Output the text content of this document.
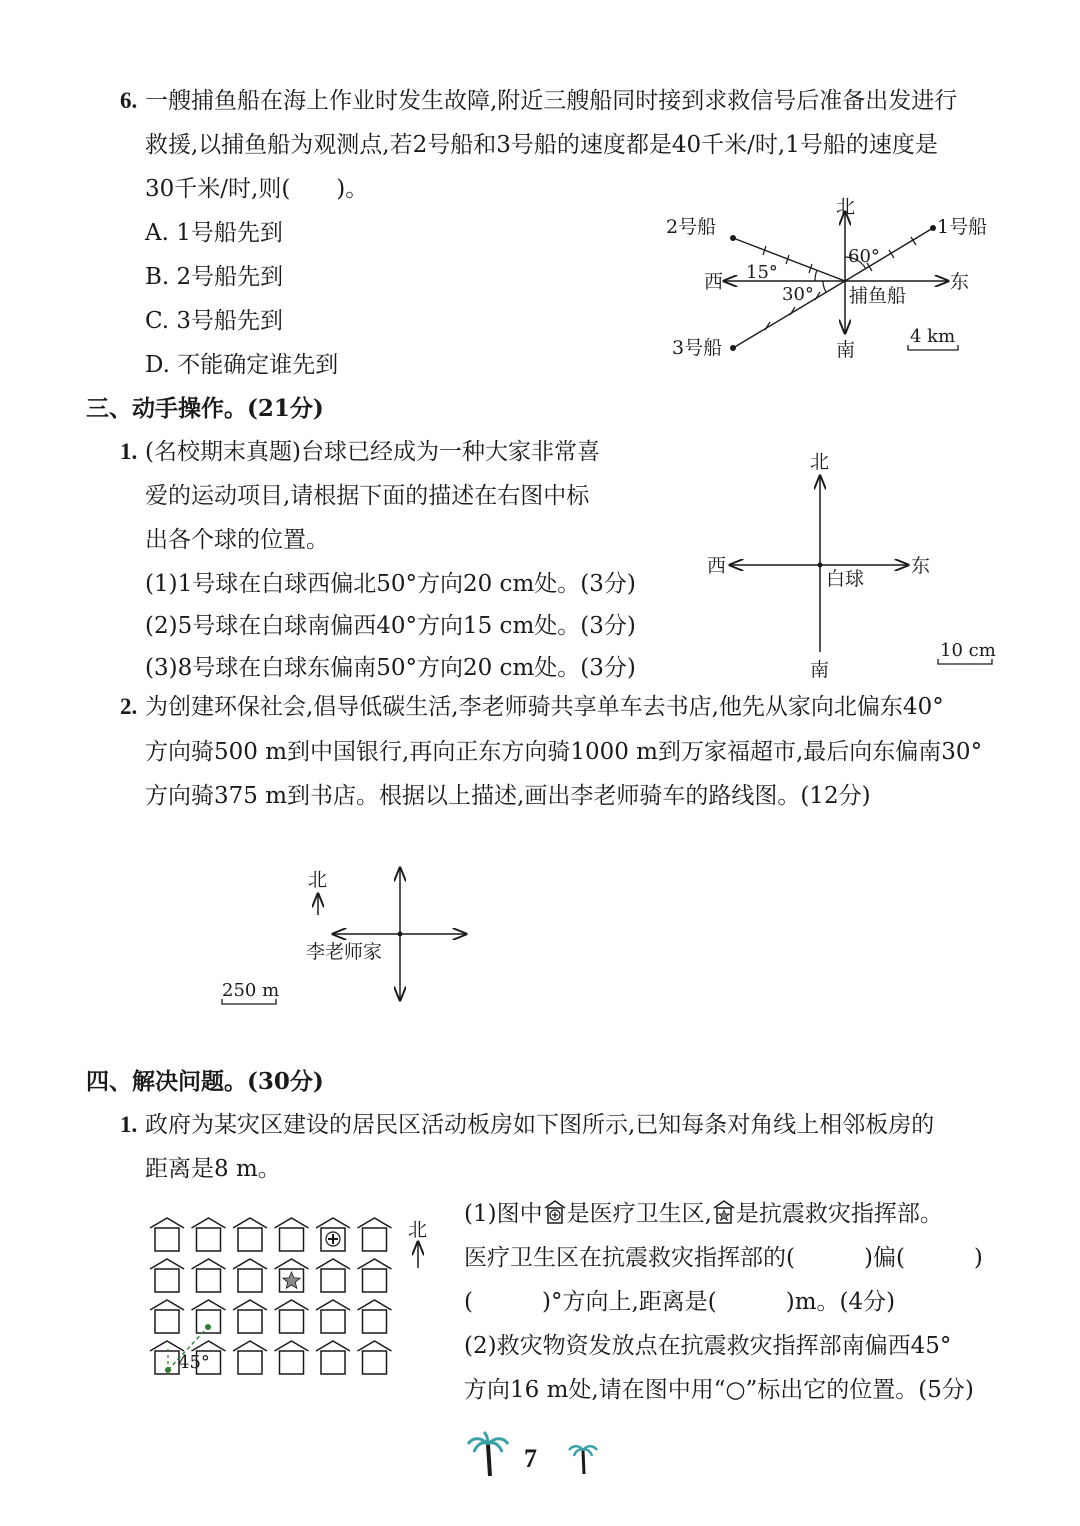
6. 一艘捕鱼船在海上作业时发生故障,附近三艘船同时接到求救信号后准备出发进行
救援,以捕鱼船为观测点,若2号船和3号船的速度都是40千米/时,1号船的速度是
30千米/时,则(　　)。
A. 1号船先到
B. 2号船先到
C. 3号船先到
D. 不能确定谁先到
北
南
东
西
捕鱼船
1号船
2号船
3号船
60°
15°
30°
4 km
三、动手操作。(21分)
1. (名校期末真题)台球已经成为一种大家非常喜
爱的运动项目,请根据下面的描述在右图中标
出各个球的位置。
(1)1号球在白球西偏北50°方向20 cm处。(3分)
(2)5号球在白球南偏西40°方向15 cm处。(3分)
(3)8号球在白球东偏南50°方向20 cm处。(3分)
北
南
东
西
白球
10 cm
2. 为创建环保社会,倡导低碳生活,李老师骑共享单车去书店,他先从家向北偏东40°
方向骑500 m到中国银行,再向正东方向骑1000 m到万家福超市,最后向东偏南30°
方向骑375 m到书店。根据以上描述,画出李老师骑车的路线图。(12分)
北
李老师家
250 m
四、解决问题。(30分)
1. 政府为某灾区建设的居民区活动板房如下图所示,已知每条对角线上相邻板房的
距离是8 m。
(1)图中 是医疗卫生区, 是抗震救灾指挥部。
医疗卫生区在抗震救灾指挥部的(　　　)偏(　　　)
(　　　)°方向上,距离是(　　　)m。(4分)
(2)救灾物资发放点在抗震救灾指挥部南偏西45°
方向16 m处,请在图中用“○”标出它的位置。(5分)
北
45°
7
